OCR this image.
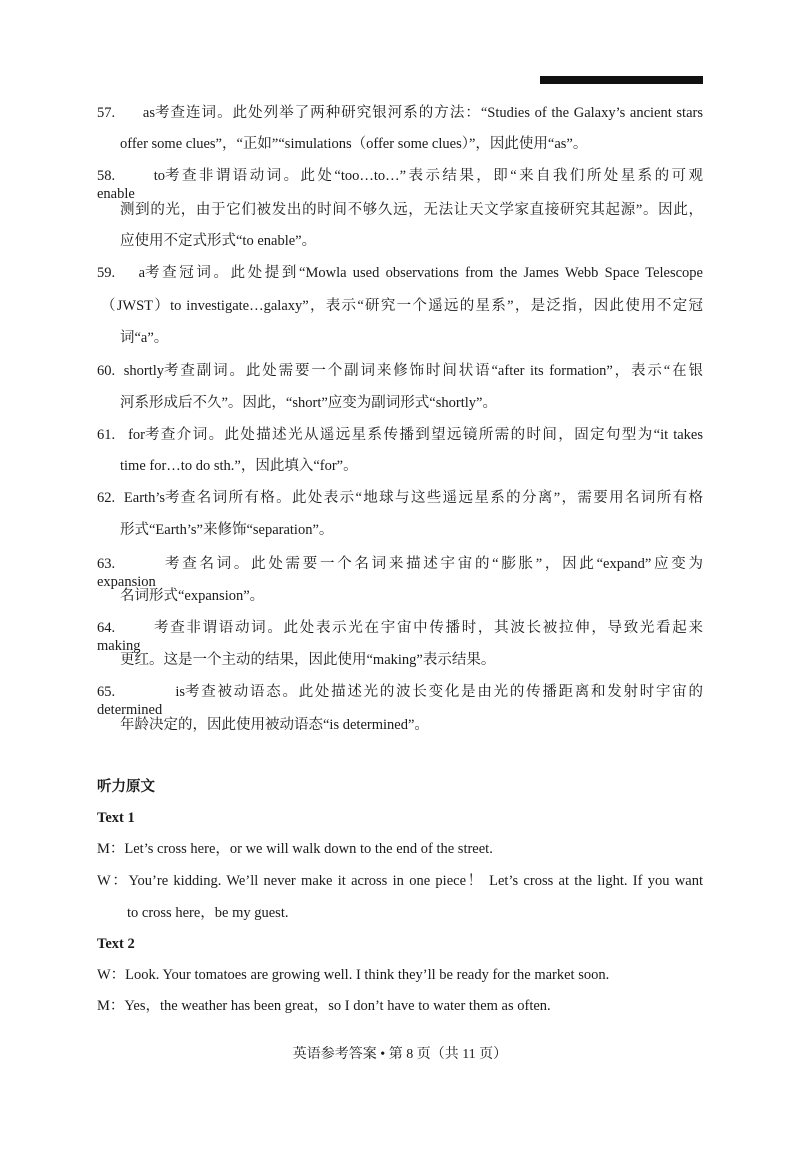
57. as 考查连词。此处列举了两种研究银河系的方法：“Studies of the Galaxy’s ancient stars
offer some clues”，“正如”“simulations（offer some clues）”，因此使用“as”。
58. to enable
考查非谓语动词。此处“too…to…”表示结果，即“来自我们所处星系的可观
测到的光，由于它们被发出的时间不够久远，无法让天文学家直接研究其起源”。因此，
应使用不定式形式“to enable”。
59. a 考查冠词。此处提到“Mowla used observations from the James Webb Space Telescope
（JWST）to investigate…galaxy”，表示“研究一个遥远的星系”，是泛指，因此使用不定冠
词“a”。
60. shortly 考查副词。此处需要一个副词来修饰时间状语“after its formation”，表示“在银
河系形成后不久”。因此，“short”应变为副词形式“shortly”。
61. for 考查介词。此处描述光从遥远星系传播到望远镜所需的时间，固定句型为“it takes
time for…to do sth.”，因此填入“for”。
62. Earth’s 考查名词所有格。此处表示“地球与这些遥远星系的分离”，需要用名词所有格
形式“Earth’s”来修饰“separation”。
63. expansion
考查名词。此处需要一个名词来描述宇宙的“膨胀”，因此“expand”应变为
名词形式“expansion”。
64. making
考查非谓语动词。此处表示光在宇宙中传播时，其波长被拉伸，导致光看起来
更红。这是一个主动的结果，因此使用“making”表示结果。
65. is determined
考查被动语态。此处描述光的波长变化是由光的传播距离和发射时宇宙的
年龄决定的，因此使用被动语态“is determined”。
听力原文
Text 1
M：Let’s cross here，or we will walk down to the end of the street.
W：You’re kidding. We’ll never make it across in one piece！ Let’s cross at the light. If you want
to cross here，be my guest.
Text 2
W：Look. Your tomatoes are growing well. I think they’ll be ready for the market soon.
M：Yes，the weather has been great，so I don’t have to water them as often.
英语参考答案 • 第 8 页（共 11 页）
